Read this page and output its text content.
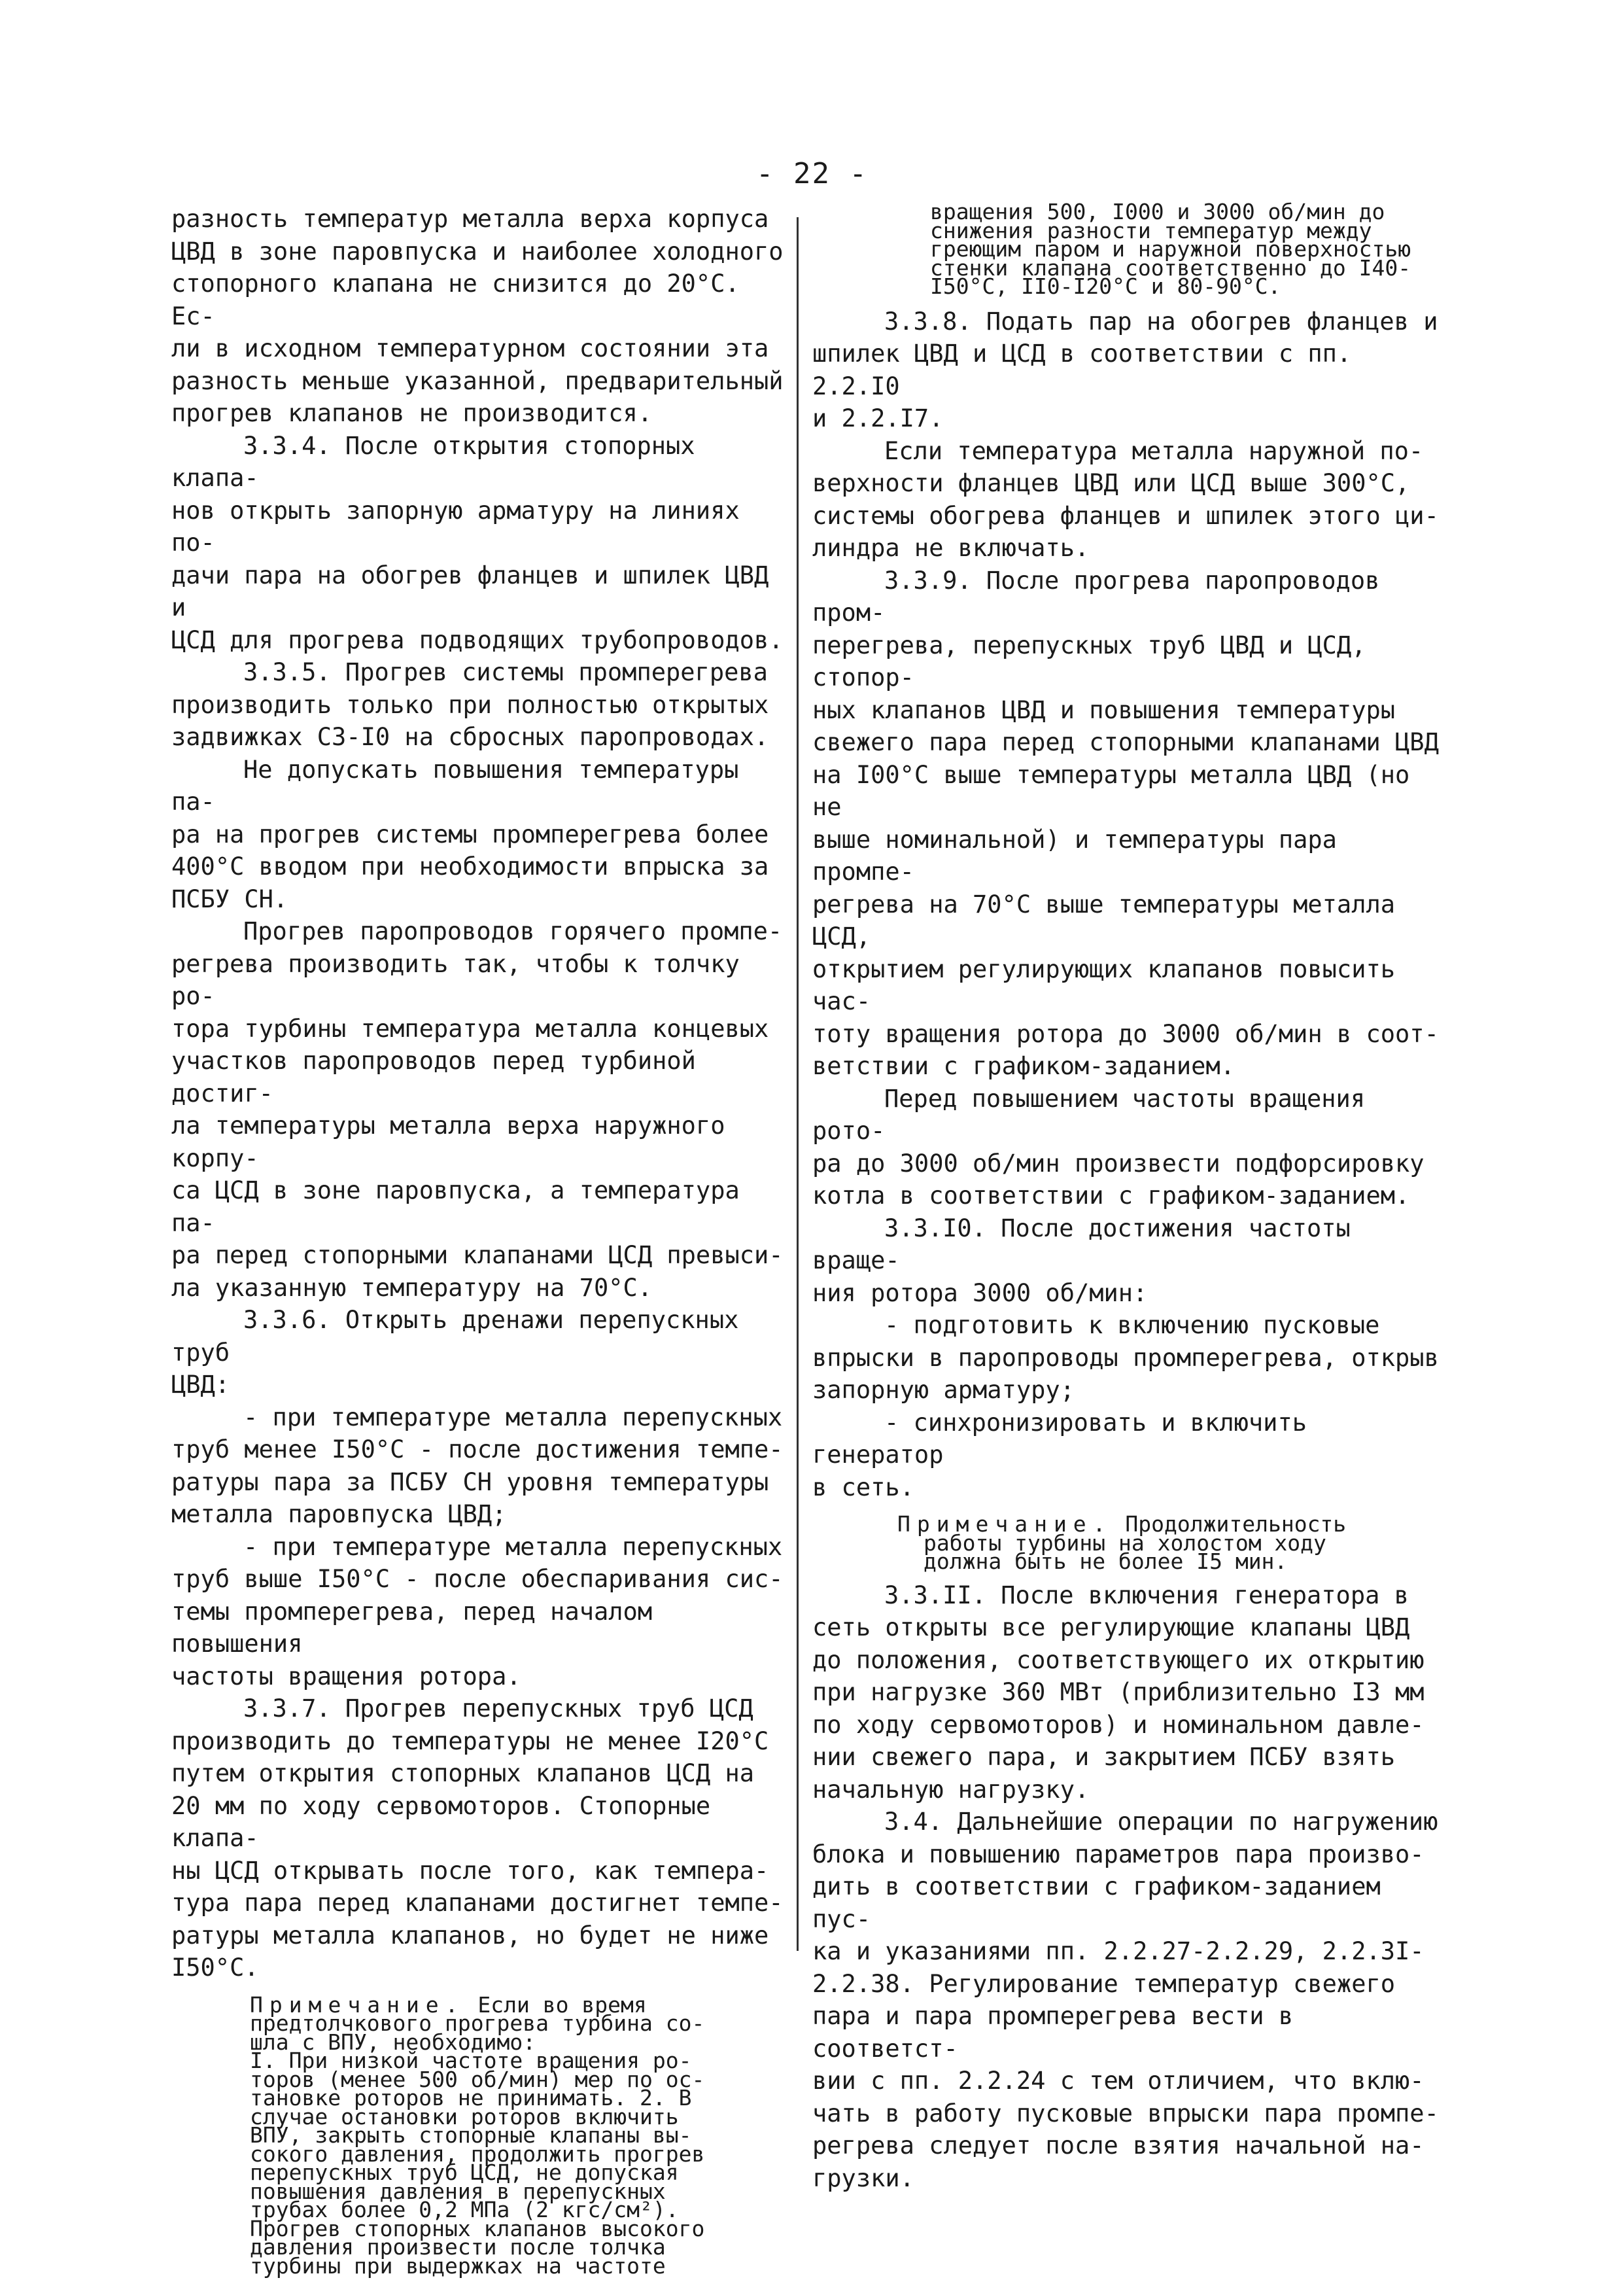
- 22 -

разность температур металла верха корпуса

ЦВД в зоне паровпуска и наиболее холодного

стопорного клапана не снизится до 20°С. Ес-

ли в исходном температурном состоянии эта

разность меньше указанной, предварительный

прогрев клапанов не производится.

3.3.4. После открытия стопорных клапа-

нов открыть запорную арматуру на линиях по-

дачи пара на обогрев фланцев и шпилек ЦВД и

ЦСД для прогрева подводящих трубопроводов.

3.3.5. Прогрев системы промперегрева

производить только при полностью открытых

задвижках СЗ-I0 на сбросных паропроводах.

Не допускать повышения температуры па-

ра на прогрев системы промперегрева более

400°С вводом при необходимости впрыска за

ПСБУ СН.

Прогрев паропроводов горячего промпе-

регрева производить так, чтобы к толчку ро-

тора турбины температура металла концевых

участков паропроводов перед турбиной достиг-

ла температуры металла верха наружного корпу-

са ЦСД в зоне паровпуска, а температура па-

ра перед стопорными клапанами ЦСД превыси-

ла указанную температуру на 70°С.

3.3.6. Открыть дренажи перепускных труб

ЦВД:

- при температуре металла перепускных

труб менее I50°С - после достижения темпе-

ратуры пара за ПСБУ СН уровня температуры

металла паровпуска ЦВД;

- при температуре металла перепускных

труб выше I50°С - после обеспаривания сис-

темы промперегрева, перед началом повышения

частоты вращения ротора.

3.3.7. Прогрев перепускных труб ЦСД

производить до температуры не менее I20°С

путем открытия стопорных клапанов ЦСД на

20 мм по ходу сервомоторов. Стопорные клапа-

ны ЦСД открывать после того, как темпера-

тура пара перед клапанами достигнет темпе-

ратуры металла клапанов, но будет не ниже

I50°С.

Примечание. Если во время

предтолчкового прогрева турбина со-

шла с ВПУ, необходимо:

I. При низкой частоте вращения ро-

торов (менее 500 об/мин) мер по ос-

тановке роторов не принимать. 2. В

случае остановки роторов включить

ВПУ, закрыть стопорные клапаны вы-

сокого давления, продолжить прогрев

перепускных труб ЦСД, не допуская

повышения давления в перепускных

трубах более 0,2 МПа (2 кгс/см²).

Прогрев стопорных клапанов высокого

давления произвести после толчка

турбины при выдержках на частоте

вращения 500, I000 и 3000 об/мин до

снижения разности температур между

греющим паром и наружной поверхностью

стенки клапана соответственно до I40-

I50°С, II0-I20°С и 80-90°С.

3.3.8. Подать пар на обогрев фланцев и

шпилек ЦВД и ЦСД в соответствии с пп. 2.2.I0

и 2.2.I7.

Если температура металла наружной по-

верхности фланцев ЦВД или ЦСД выше 300°С,

системы обогрева фланцев и шпилек этого ци-

линдра не включать.

3.3.9. После прогрева паропроводов пром-

перегрева, перепускных труб ЦВД и ЦСД, стопор-

ных клапанов ЦВД и повышения температуры

свежего пара перед стопорными клапанами ЦВД

на I00°С выше температуры металла ЦВД (но не

выше номинальной) и температуры пара промпе-

регрева на 70°С выше температуры металла ЦСД,

открытием регулирующих клапанов повысить час-

тоту вращения ротора до 3000 об/мин в соот-

ветствии с графиком-заданием.

Перед повышением частоты вращения рото-

ра до 3000 об/мин произвести подфорсировку

котла в соответствии с графиком-заданием.

3.3.I0. После достижения частоты враще-

ния ротора 3000 об/мин:

- подготовить к включению пусковые

впрыски в паропроводы промперегрева, открыв

запорную арматуру;

- синхронизировать и включить генератор

в сеть.

Примечание. Продолжительность

работы турбины на холостом ходу

должна быть не более I5 мин.

3.3.II. После включения генератора в

сеть открыты все регулирующие клапаны ЦВД

до положения, соответствующего их открытию

при нагрузке 360 МВт (приблизительно I3 мм

по ходу сервомоторов) и номинальном давле-

нии свежего пара, и закрытием ПСБУ взять

начальную нагрузку.

3.4. Дальнейшие операции по нагружению

блока и повышению параметров пара произво-

дить в соответствии с графиком-заданием пус-

ка и указаниями пп. 2.2.27-2.2.29, 2.2.3I-

2.2.38. Регулирование температур свежего

пара и пара промперегрева вести в соответст-

вии с пп. 2.2.24 с тем отличием, что вклю-

чать в работу пусковые впрыски пара промпе-

регрева следует после взятия начальной на-

грузки.
